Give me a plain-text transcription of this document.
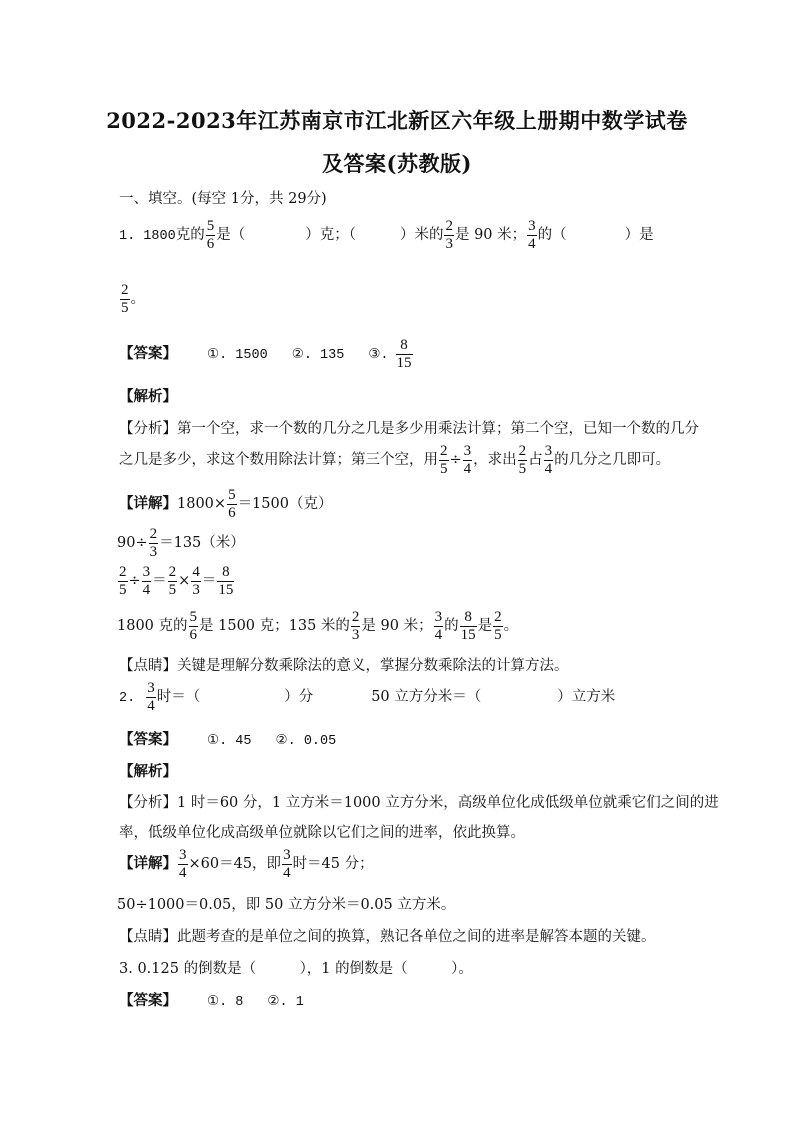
2022-2023年江苏南京市江北新区六年级上册期中数学试卷
及答案(苏教版)
一、填空。(每空 1分，共 29分)
1. 1800克的 $\frac{5}{6}$ 是（	）克；（	）米的 $\frac{2}{3}$ 是 90 米； $\frac{3}{4}$ 的（	）是
$\frac{2}{5}$ 。
【答案】 ①. 1500 ②. 135 ③. $\frac{8}{15}$
【解析】
【分析】第一个空，求一个数的几分之几是多少用乘法计算；第二个空，已知一个数的几分
之几是多少，求这个数用除法计算；第三个空，用 $\frac{2}{5} \div \frac{3}{4}$ ，求出 $\frac{2}{5}$ 占 $\frac{3}{4}$ 的几分之几即可。
【详解】$1800\times \frac{5}{6} =1500$（克）
$90\div \frac{2}{3} =135$（米）
$\frac{2}{5} \div \frac{3}{4} = \frac{2}{5} \times \frac{4}{3} = \frac{8}{15}$
1800 克的 $\frac{5}{6}$ 是 1500 克；135 米的 $\frac{2}{3}$ 是 90 米； $\frac{3}{4}$ 的 $\frac{8}{15}$ 是 $\frac{2}{5}$ 。
【点睛】关键是理解分数乘除法的意义，掌握分数乘除法的计算方法。
2. $\frac{3}{4}$ 时＝（	）分	50 立方分米＝（	）立方米
【答案】 ①. 45 ②. 0.05
【解析】
【分析】1 时＝60 分，1 立方米＝1000 立方分米，高级单位化成低级单位就乘它们之间的进
率，低级单位化成高级单位就除以它们之间的进率，依此换算。
【详解】 $\frac{3}{4} \times 60=45$，即 $\frac{3}{4}$ 时＝45 分；
50÷1000＝0.05，即 50 立方分米＝0.05 立方米。
【点睛】此题考查的是单位之间的换算，熟记各单位之间的进率是解答本题的关键。
3. 0.125 的倒数是（　　　），1 的倒数是（　　　）。
【答案】 ①. 8 ②. 1
